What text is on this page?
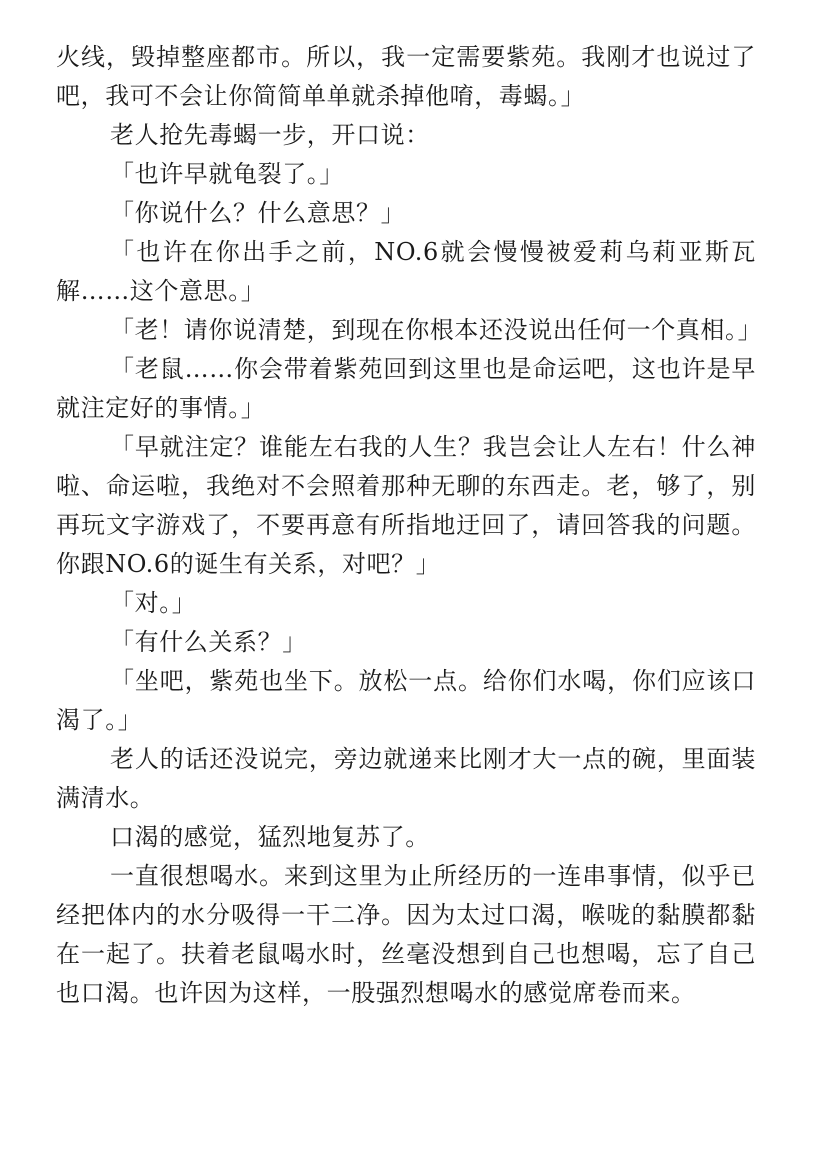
火线，毁掉整座都市。所以，我一定需要紫苑。我刚才也说过了吧，我可不会让你简简单单就杀掉他唷，毒蝎。」

老人抢先毒蝎一步，开口说：

「也许早就龟裂了。」

「你说什么？什么意思？」

「也许在你出手之前，NO.6就会慢慢被爱莉乌莉亚斯瓦解……这个意思。」

「老！请你说清楚，到现在你根本还没说出任何一个真相。」

「老鼠……你会带着紫苑回到这里也是命运吧，这也许是早就注定好的事情。」

「早就注定？谁能左右我的人生？我岂会让人左右！什么神啦、命运啦，我绝对不会照着那种无聊的东西走。老，够了，别再玩文字游戏了，不要再意有所指地迂回了，请回答我的问题。你跟NO.6的诞生有关系，对吧？」

「对。」

「有什么关系？」

「坐吧，紫苑也坐下。放松一点。给你们水喝，你们应该口渴了。」

老人的话还没说完，旁边就递来比刚才大一点的碗，里面装满清水。

口渴的感觉，猛烈地复苏了。

一直很想喝水。来到这里为止所经历的一连串事情，似乎已经把体内的水分吸得一干二净。因为太过口渴，喉咙的黏膜都黏在一起了。扶着老鼠喝水时，丝毫没想到自己也想喝，忘了自己也口渴。也许因为这样，一股强烈想喝水的感觉席卷而来。
